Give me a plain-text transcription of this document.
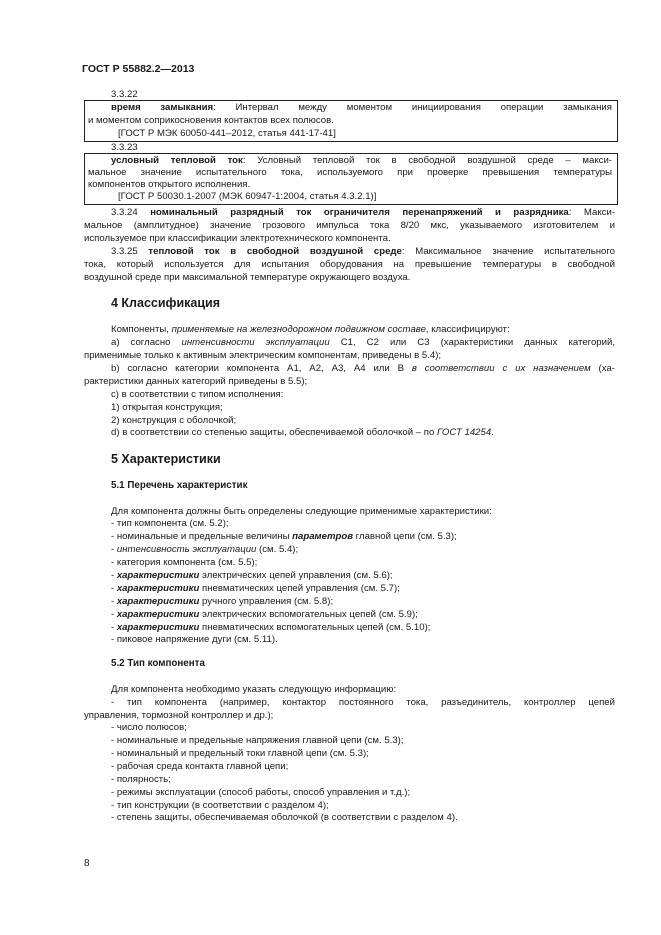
ГОСТ Р 55882.2—2013
3.3.22
время замыкания: Интервал между моментом инициирования операции замыкания
и моментом соприкосновения контактов всех полюсов.
[ГОСТ Р МЭК 60050-441–2012, статья 441-17-41]
3.3.23
условный тепловой ток: Условный тепловой ток в свободной воздушной среде – макси-
мальное значение испытательного тока, используемого при проверке превышения температуры
компонентов открытого исполнения.
[ГОСТ Р 50030.1-2007 (МЭК 60947-1:2004, статья 4.3.2.1)]
3.3.24 номинальный разрядный ток ограничителя перенапряжений и разрядника: Макси-
мальное (амплитудное) значение грозового импульса тока 8/20 мкс, указываемого изготовителем и
используемое при классификации электротехнического компонента.
3.3.25 тепловой ток в свободной воздушной среде: Максимальное значение испытательного
тока, который используется для испытания оборудования на превышение температуры в свободной
воздушной среде при максимальной температуре окружающего воздуха.
4 Классификация
Компоненты, применяемые на железнодорожном подвижном составе, классифицируют:
а) согласно интенсивности эксплуатации С1, С2 или С3 (характеристики данных категорий,
применимые только к активным электрическим компонентам, приведены в 5.4);
b) согласно категории компонента А1, А2, А3, А4 или В в соответствии с их назначением (ха-
рактеристики данных категорий приведены в 5.5);
с) в соответствии с типом исполнения:
1) открытая конструкция;
2) конструкция с оболочкой;
d) в соответствии со степенью защиты, обеспечиваемой оболочкой – по ГОСТ 14254.
5 Характеристики
5.1 Перечень характеристик
Для компонента должны быть определены следующие применимые характеристики:
- тип компонента (см. 5.2);
- номинальные и предельные величины параметров главной цепи (см. 5.3);
- интенсивность эксплуатации (см. 5.4);
- категория компонента (см. 5.5);
- характеристики электрических цепей управления (см. 5.6);
- характеристики пневматических цепей управления (см. 5.7);
- характеристики ручного управления (см. 5.8);
- характеристики электрических вспомогательных цепей (см. 5.9);
- характеристики пневматических вспомогательных цепей (см. 5.10);
- пиковое напряжение дуги (см. 5.11).
5.2 Тип компонента
Для компонента необходимо указать следующую информацию:
- тип компонента (например, контактор постоянного тока, разъединитель, контроллер цепей
управления, тормозной контроллер и др.);
- число полюсов;
- номинальные и предельные напряжения главной цепи (см. 5.3);
- номинальный и предельный токи главной цепи (см. 5.3);
- рабочая среда контакта главной цепи;
- полярность;
- режимы эксплуатации (способ работы, способ управления и т.д.);
- тип конструкции (в соответствии с разделом 4);
- степень защиты, обеспечиваемая оболочкой (в соответствии с разделом 4).
8
